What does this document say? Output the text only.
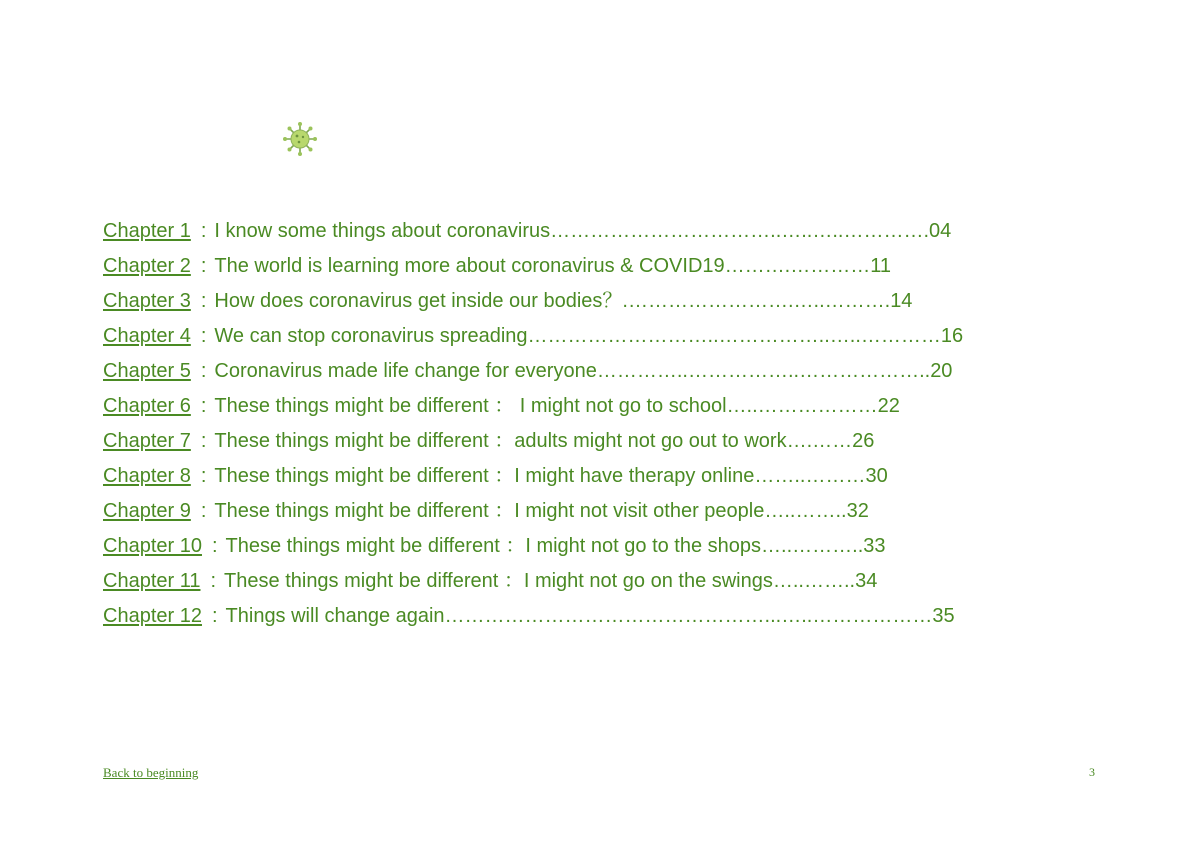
Chapter 1 : I know some things about coronavirus……………………………..…..…..………….04
Chapter 2 : The world is learning more about coronavirus & COVID19……….…………11
Chapter 3 : How does coronavirus get inside our bodies？.…………………….…..……….14
Chapter 4 : We can stop coronavirus spreading………………………..……………..…..…………16
Chapter 5 : Coronavirus made life change for everyone…………..……………..………………..20
Chapter 6 : These things might be different ： I might not go to school…..………………22
Chapter 7 : These things might be different ：adults might not go out to work….……26
Chapter 8 : These things might be different ：I might have therapy online……..………30
Chapter 9 : These things might be different ：I might not visit other people…..……..32
Chapter 10 : These things might be different ：I might not go to the shops…..………..33
Chapter 11 : These things might be different ：I might not go on the swings…..……..34
Chapter 12 : Things will change again…………………………………………...…..………………35
Back to beginning	3
